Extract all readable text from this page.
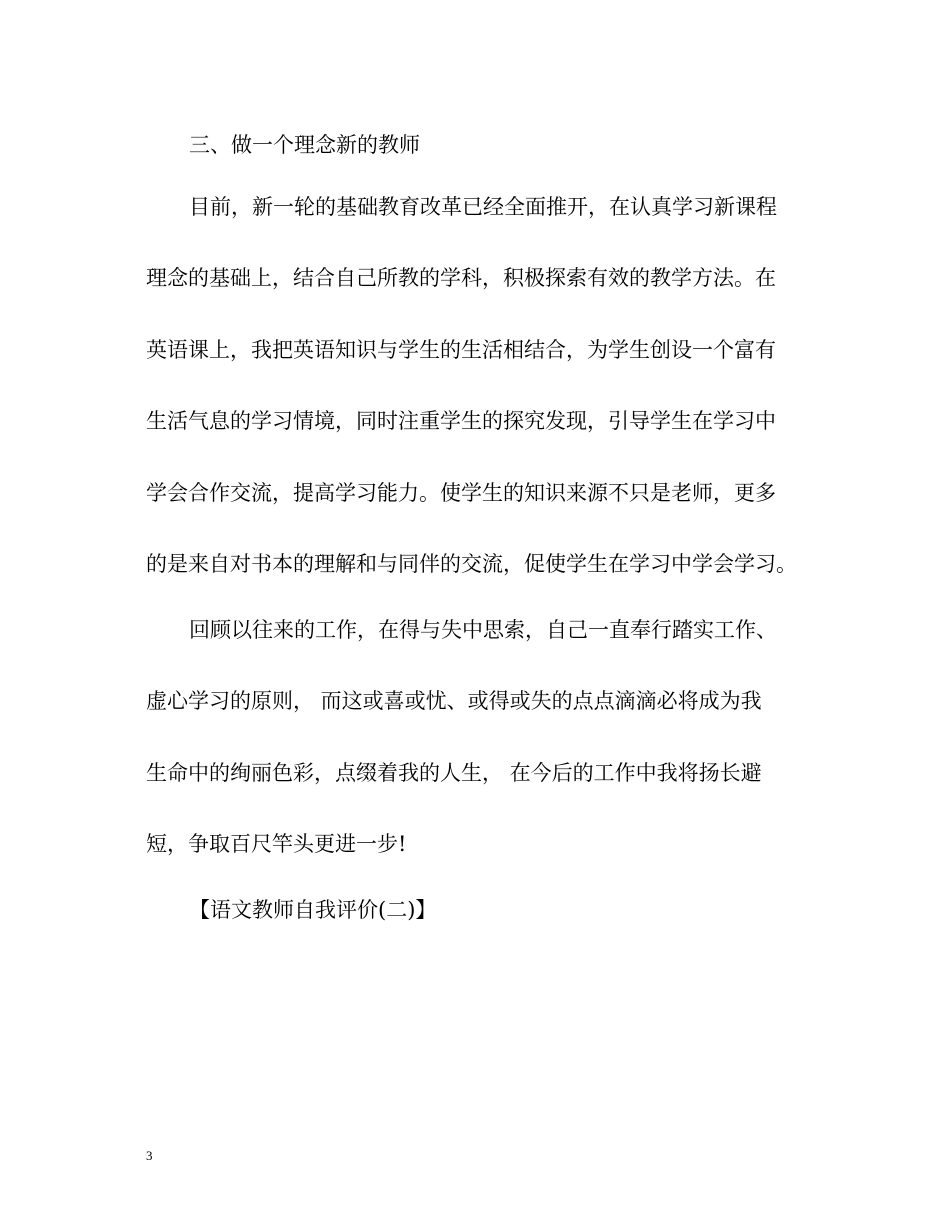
三、做一个理念新的教师
目前，新一轮的基础教育改革已经全面推开，在认真学习新课程
理念的基础上，结合自己所教的学科，积极探索有效的教学方法。在
英语课上，我把英语知识与学生的生活相结合，为学生创设一个富有
生活气息的学习情境，同时注重学生的探究发现，引导学生在学习中
学会合作交流，提高学习能力。使学生的知识来源不只是老师，更多
的是来自对书本的理解和与同伴的交流，促使学生在学习中学会学习。
回顾以往来的工作，在得与失中思索，自己一直奉行踏实工作、
虚心学习的原则， 而这或喜或忧、或得或失的点点滴滴必将成为我
生命中的绚丽色彩，点缀着我的人生， 在今后的工作中我将扬长避
短，争取百尺竿头更进一步!
【语文教师自我评价(二)】
3
